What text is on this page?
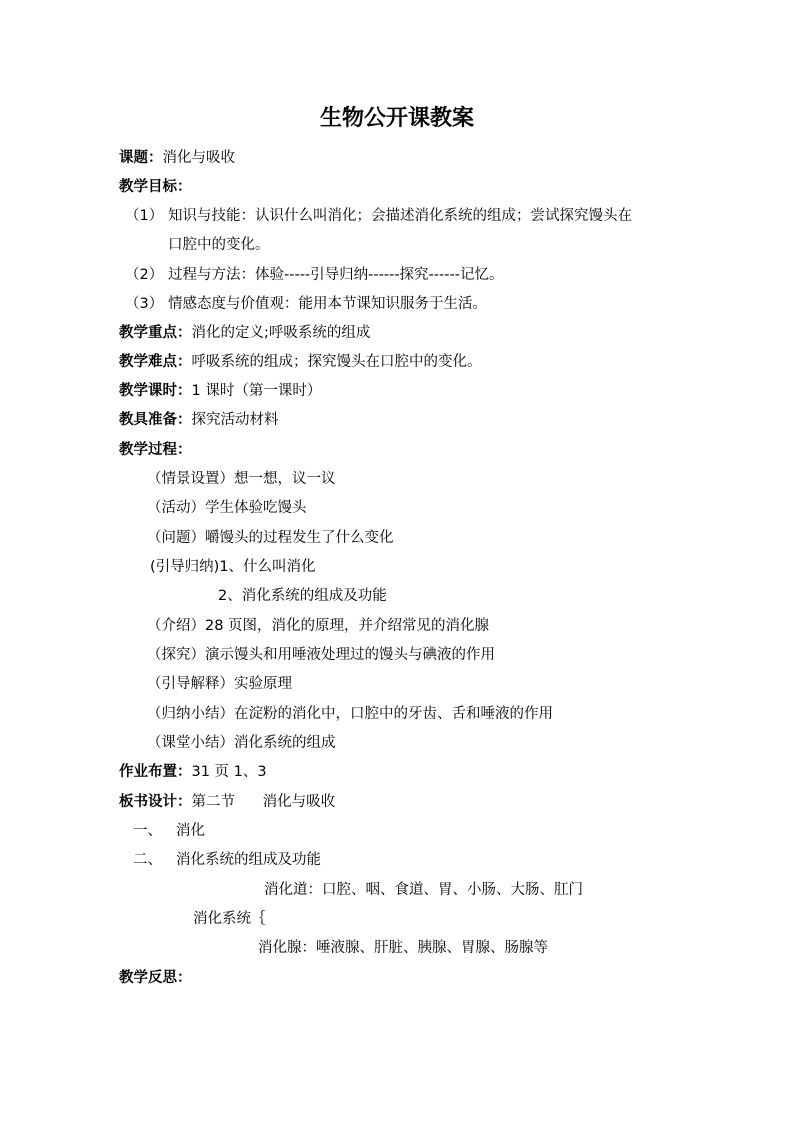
生物公开课教案
课题：消化与吸收
教学目标：
（1） 知识与技能：认识什么叫消化；会描述消化系统的组成；尝试探究馒头在
口腔中的变化。
（2） 过程与方法：体验-----引导归纳------探究------记忆。
（3） 情感态度与价值观：能用本节课知识服务于生活。
教学重点：消化的定义;呼吸系统的组成
教学难点：呼吸系统的组成；探究馒头在口腔中的变化。
教学课时：1 课时（第一课时）
教具准备：探究活动材料
教学过程：
（情景设置）想一想，议一议
（活动）学生体验吃馒头
（问题）嚼馒头的过程发生了什么变化
(引导归纳)1、什么叫消化
2、消化系统的组成及功能
（介绍）28 页图，消化的原理，并介绍常见的消化腺
（探究）演示馒头和用唾液处理过的馒头与碘液的作用
（引导解释）实验原理
（归纳小结）在淀粉的消化中，口腔中的牙齿、舌和唾液的作用
（课堂小结）消化系统的组成
作业布置：31 页 1、3
板书设计：第二节      消化与吸收
一、 消化
二、 消化系统的组成及功能
消化道：口腔、咽、食道、胃、小肠、大肠、肛门
消化系统｛
消化腺：唾液腺、肝脏、胰腺、胃腺、肠腺等
教学反思：
